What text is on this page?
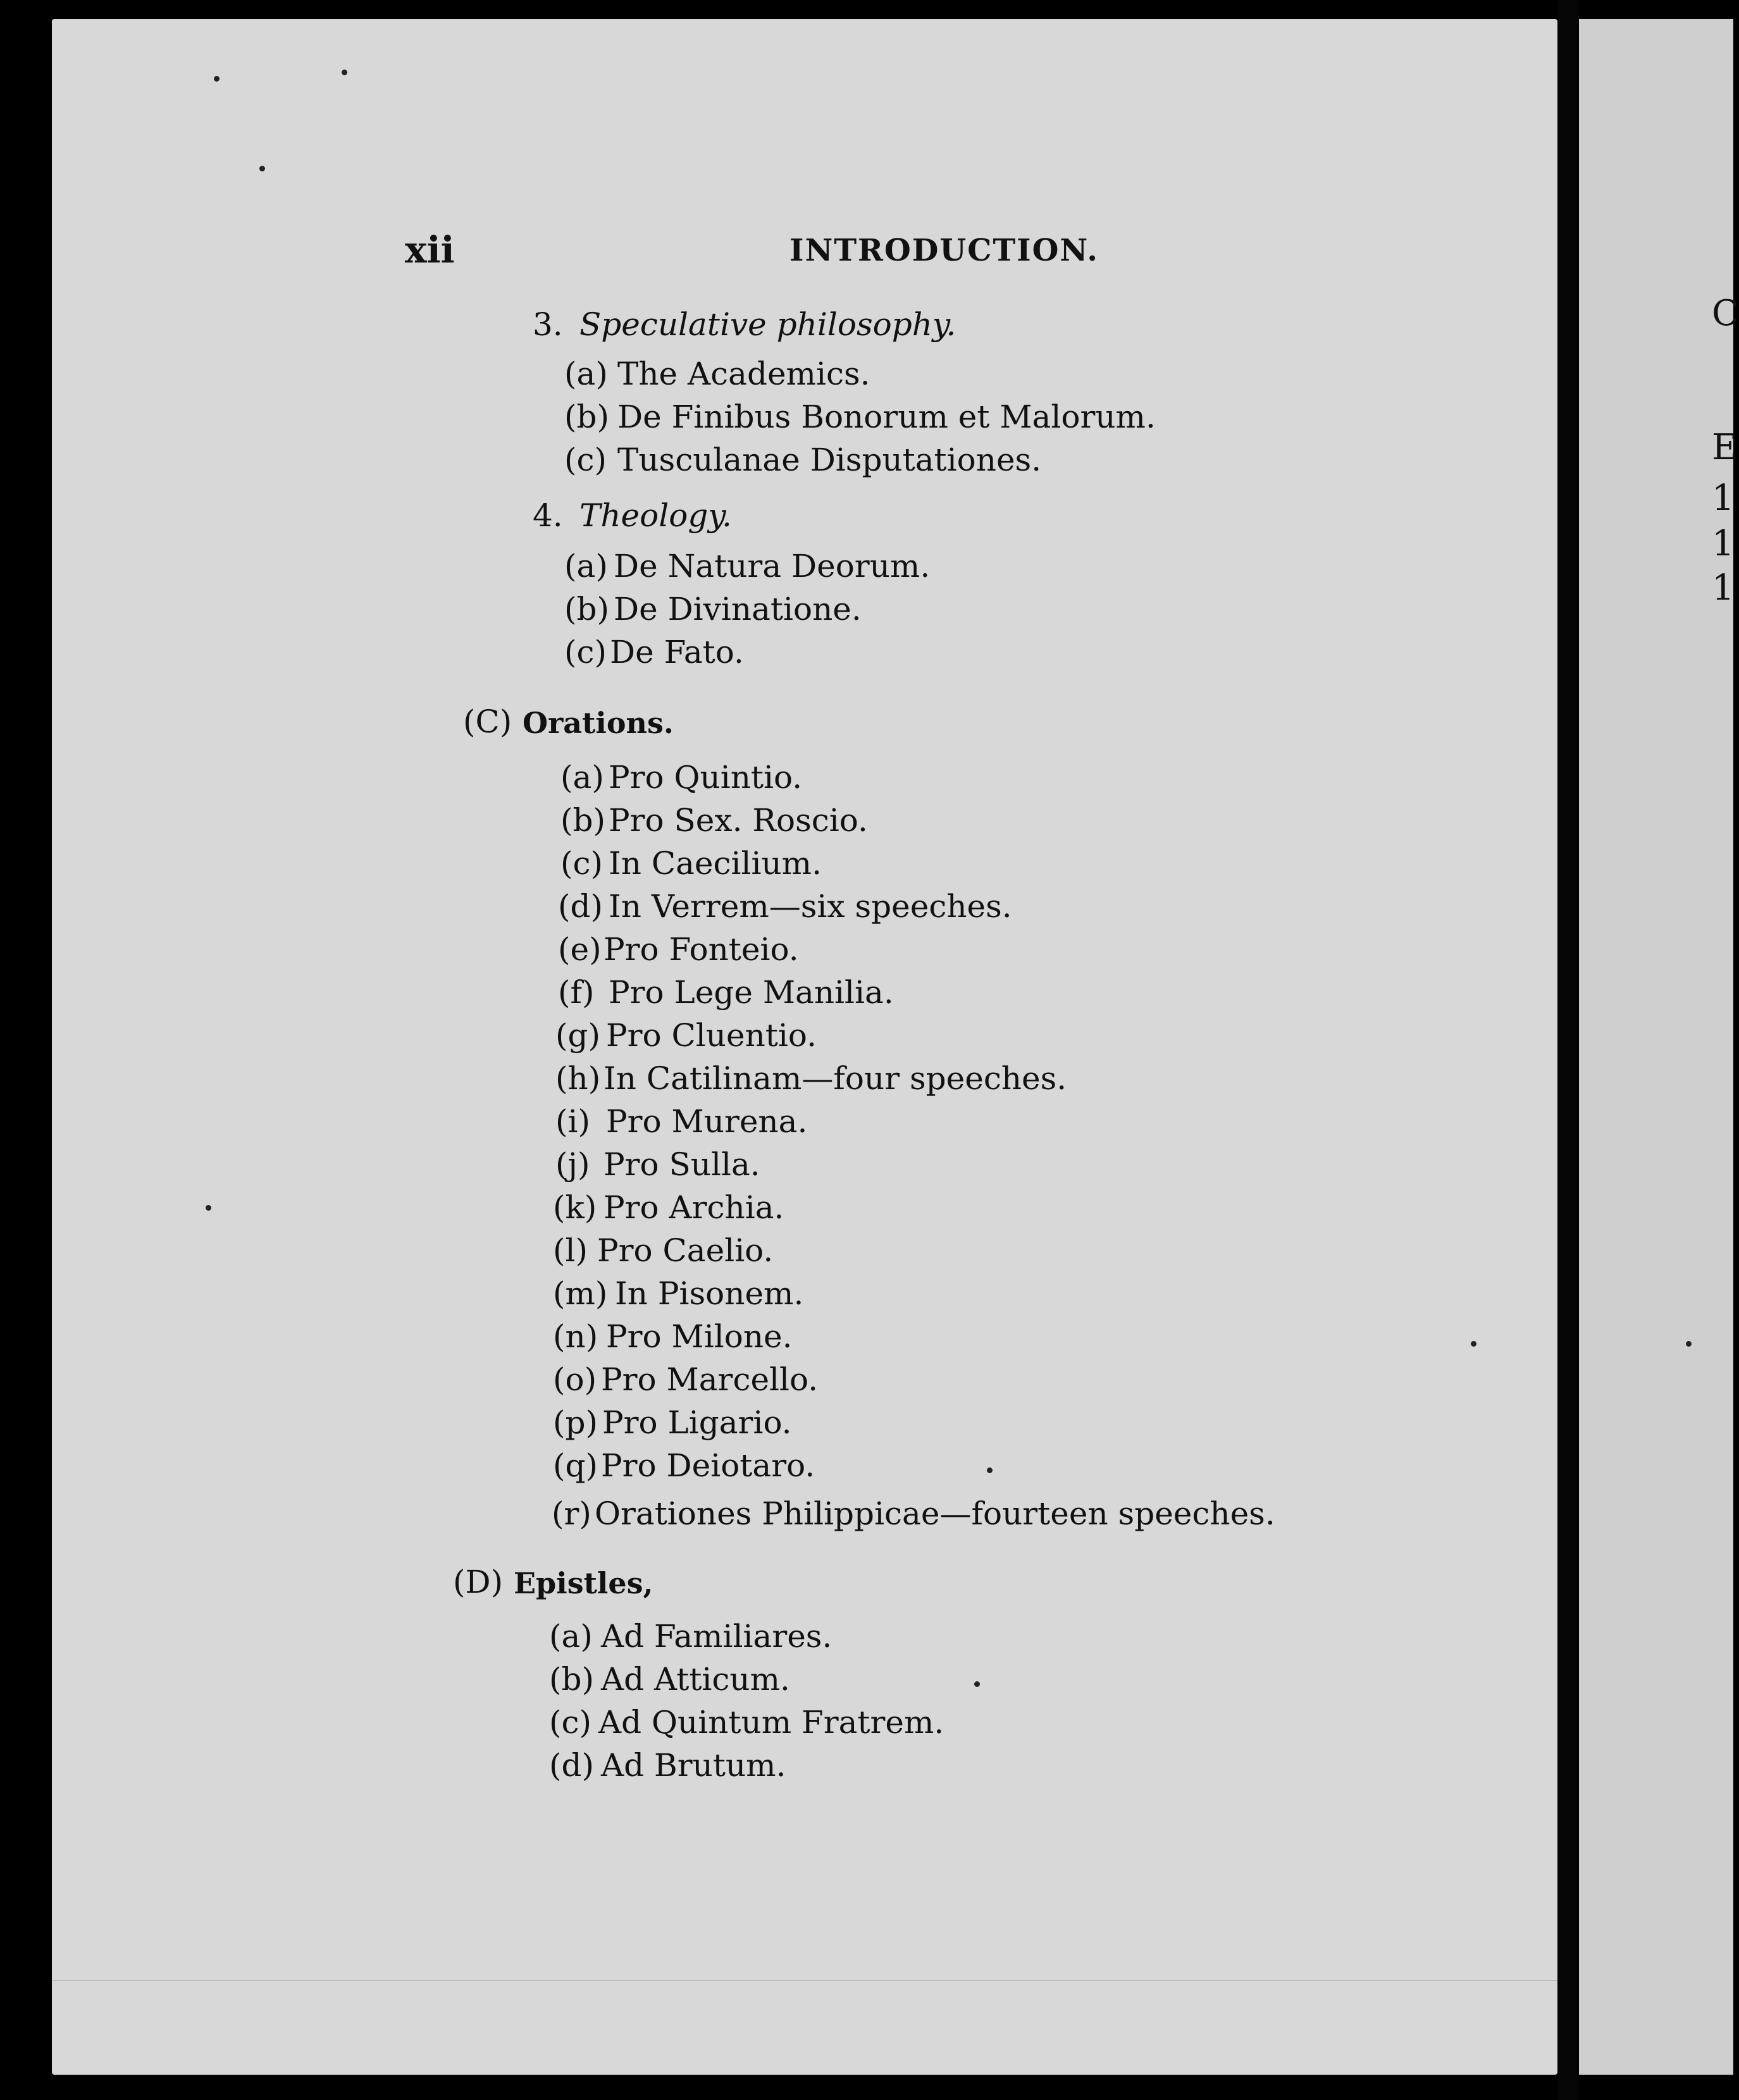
xii	INTRODUCTION.
3. Speculative philosophy.
(a) The Academics.
(b) De Finibus Bonorum et Malorum.
(c) Tusculanae Disputationes.
4. Theology.
(a) De Natura Deorum.
(b) De Divinatione.
(c) De Fato.
(C) Orations.
(a) Pro Quintio.
(b) Pro Sex. Roscio.
(c) In Caecilium.
(d) In Verrem—six speeches.
(e) Pro Fonteio.
(f) Pro Lege Manilia.
(g) Pro Cluentio.
(h) In Catilinam—four speeches.
(i) Pro Murena.
(j) Pro Sulla.
(k) Pro Archia.
(l) Pro Caelio.
(m) In Pisonem.
(n) Pro Milone.
(o) Pro Marcello.
(p) Pro Ligario.
(q) Pro Deiotaro.
(r) Orationes Philippicae—fourteen speeches.
(D) Epistles,
(a) Ad Familiares.
(b) Ad Atticum.
(c) Ad Quintum Fratrem.
(d) Ad Brutum.
C
E
1
1
1
